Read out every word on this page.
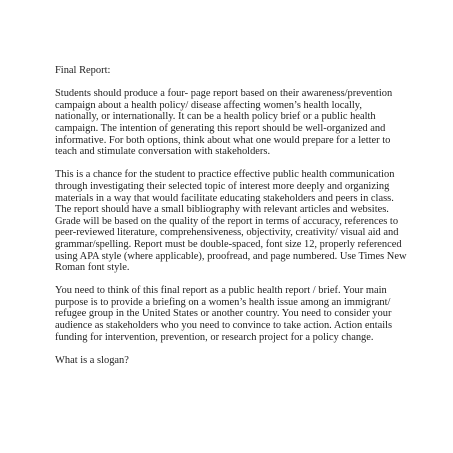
Final Report:

Students should produce a four- page report based on their awareness/prevention campaign about a health policy/ disease affecting women’s health locally, nationally, or internationally. It can be a health policy brief or a public health campaign. The intention of generating this report should be well-organized and informative. For both options, think about what one would prepare for a letter to teach and stimulate conversation with stakeholders.

This is a chance for the student to practice effective public health communication through investigating their selected topic of interest more deeply and organizing materials in a way that would facilitate educating stakeholders and peers in class. The report should have a small bibliography with relevant articles and websites. Grade will be based on the quality of the report in terms of accuracy, references to peer-reviewed literature, comprehensiveness, objectivity, creativity/ visual aid and grammar/spelling. Report must be double-spaced, font size 12, properly referenced using APA style (where applicable), proofread, and page numbered. Use Times New Roman font style.

You need to think of this final report as a public health report / brief. Your main purpose is to provide a briefing on a women’s health issue among an immigrant/ refugee group in the United States or another country. You need to consider your audience as stakeholders who you need to convince to take action. Action entails funding for intervention, prevention, or research project for a policy change.

What is a slogan?
